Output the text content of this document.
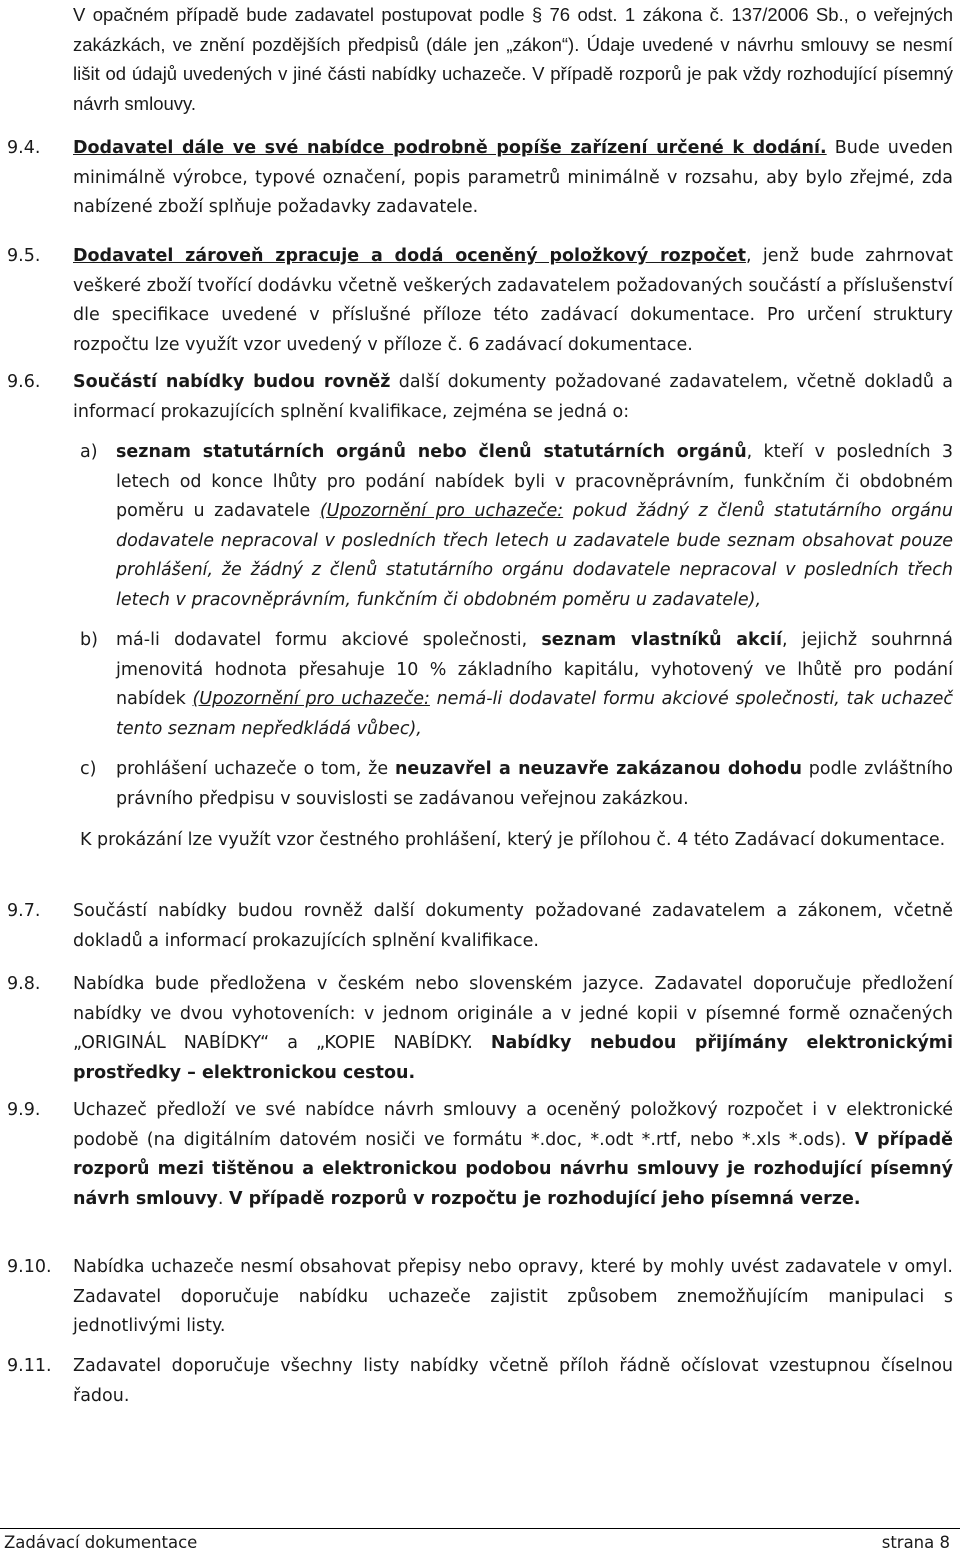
V opačném případě bude zadavatel postupovat podle § 76 odst. 1 zákona č. 137/2006 Sb., o veřejných zakázkách, ve znění pozdějších předpisů (dále jen „zákon“). Údaje uvedené v návrhu smlouvy se nesmí lišit od údajů uvedených v jiné části nabídky uchazeče. V případě rozporů je pak vždy rozhodující písemný návrh smlouvy.
9.4. Dodavatel dále ve své nabídce podrobně popíše zařízení určené k dodání. Bude uveden minimálně výrobce, typové označení, popis parametrů minimálně v rozsahu, aby bylo zřejmé, zda nabízené zboží splňuje požadavky zadavatele.
9.5. Dodavatel zároveň zpracuje a dodá oceněný položkový rozpočet, jenž bude zahrnovat veškeré zboží tvořící dodávku včetně veškerých zadavatelem požadovaných součástí a příslušenství dle specifikace uvedené v příslušné příloze této zadávací dokumentace. Pro určení struktury rozpočtu lze využít vzor uvedený v příloze č. 6 zadávací dokumentace.
9.6. Součástí nabídky budou rovněž další dokumenty požadované zadavatelem, včetně dokladů a informací prokazujících splnění kvalifikace, zejména se jedná o:
a) seznam statutárních orgánů nebo členů statutárních orgánů, kteří v posledních 3 letech od konce lhůty pro podání nabídek byli v pracovněprávním, funkčním či obdobném poměru u zadavatele (Upozornění pro uchazeče: pokud žádný z členů statutárního orgánu dodavatele nepracoval v posledních třech letech u zadavatele bude seznam obsahovat pouze prohlášení, že žádný z členů statutárního orgánu dodavatele nepracoval v posledních třech letech v pracovněprávním, funkčním či obdobném poměru u zadavatele),
b) má-li dodavatel formu akciové společnosti, seznam vlastníků akcií, jejichž souhrnná jmenovitá hodnota přesahuje 10 % základního kapitálu, vyhotovený ve lhůtě pro podání nabídek (Upozornění pro uchazeče: nemá-li dodavatel formu akciové společnosti, tak uchazeč tento seznam nepředkládá vůbec),
c) prohlášení uchazeče o tom, že neuzavřel a neuzavře zakázanou dohodu podle zvláštního právního předpisu v souvislosti se zadávanou veřejnou zakázkou.
K prokázání lze využít vzor čestného prohlášení, který je přílohou č. 4 této Zadávací dokumentace.
9.7. Součástí nabídky budou rovněž další dokumenty požadované zadavatelem a zákonem, včetně dokladů a informací prokazujících splnění kvalifikace.
9.8. Nabídka bude předložena v českém nebo slovenském jazyce. Zadavatel doporučuje předložení nabídky ve dvou vyhotoveních: v jednom originále a v jedné kopii v písemné formě označených „ORIGINÁL NABÍDKY“ a „KOPIE NABÍDKY. Nabídky nebudou přijímány elektronickými prostředky – elektronickou cestou.
9.9. Uchazeč předloží ve své nabídce návrh smlouvy a oceněný položkový rozpočet i v elektronické podobě (na digitálním datovém nosiči ve formátu *.doc, *.odt *.rtf, nebo *.xls *.ods). V případě rozporů mezi tištěnou a elektronickou podobou návrhu smlouvy je rozhodující písemný návrh smlouvy. V případě rozporů v rozpočtu je rozhodující jeho písemná verze.
9.10. Nabídka uchazeče nesmí obsahovat přepisy nebo opravy, které by mohly uvést zadavatele v omyl. Zadavatel doporučuje nabídku uchazeče zajistit způsobem znemožňujícím manipulaci s jednotlivými listy.
9.11. Zadavatel doporučuje všechny listy nabídky včetně příloh řádně očíslovat vzestupnou číselnou řadou.
Zadávací dokumentace	strana 8
